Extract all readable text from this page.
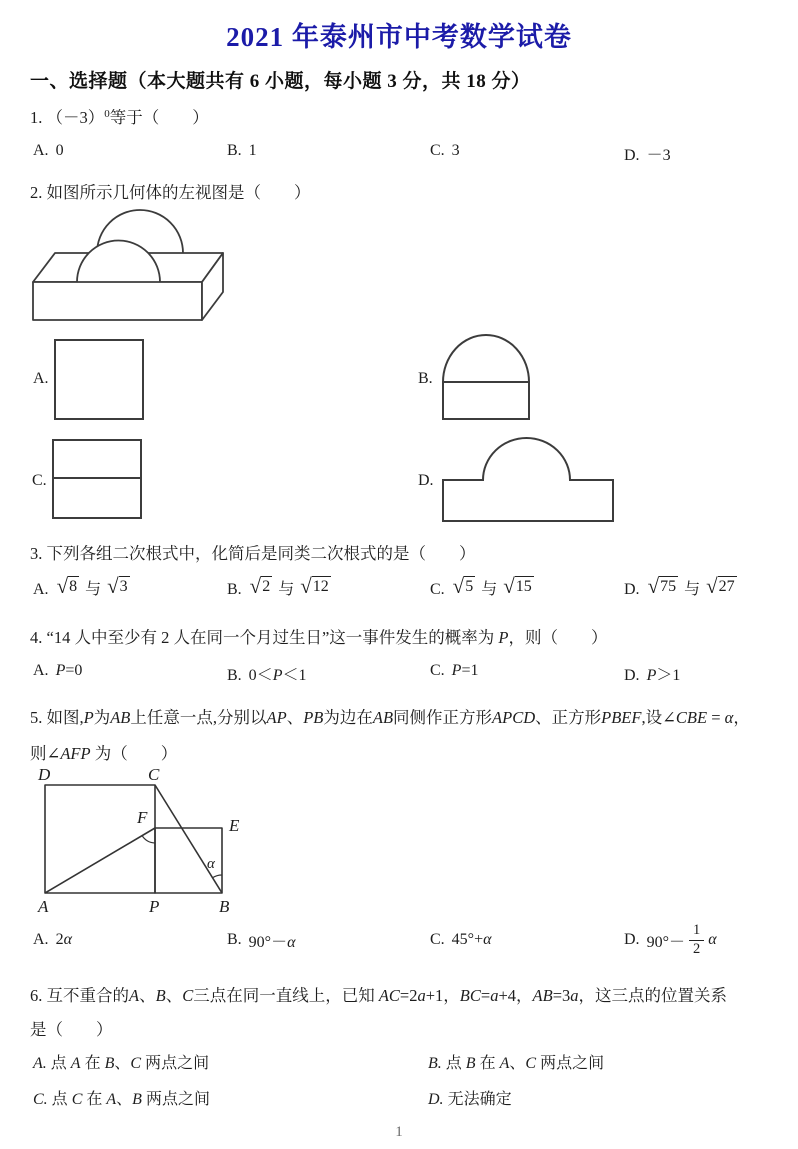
2021 年泰州市中考数学试卷
一、选择题（本大题共有 6 小题，每小题 3 分，共 18 分）
1. $(-3)^0$等于（　　）
A. 0	B. 1	C. 3	D. －3
2. 如图所示几何体的左视图是（　　）
A.	B.
C.	D.
3. 下列各组二次根式中，化简后是同类二次根式的是（　　）
A. √ 8 与 √ 3	B. √ 2 与 √ 12	C. √ 5 与 √ 15	D. √ 75 与 √ 27
4. “14 人中至少有 2 人在同一个月过生日”这一事件发生的概率为 P，则（　　）
A. P=0	B. 0＜P＜1	C. P=1	D. P＞1
5. 如图,P为AB上任意一点,分别以AP、PB为边在AB同侧作正方形APCD、正方形PBEF,设∠CBE = α，
则∠AFP 为（　　）
D	C
F	E
A	P	B
α
A. 2α	B. 90°－α	C. 45°+α	D. $90^\circ- \frac{1}{2}$ α
6. 互不重合的A、B、C三点在同一直线上，已知 AC=2a+1，BC=a+4，AB=3a，这三点的位置关系
是（　　）
A. 点 A 在 B、C 两点之间	B. 点 B 在 A、C 两点之间
C. 点 C 在 A、B 两点之间	D. 无法确定
1
